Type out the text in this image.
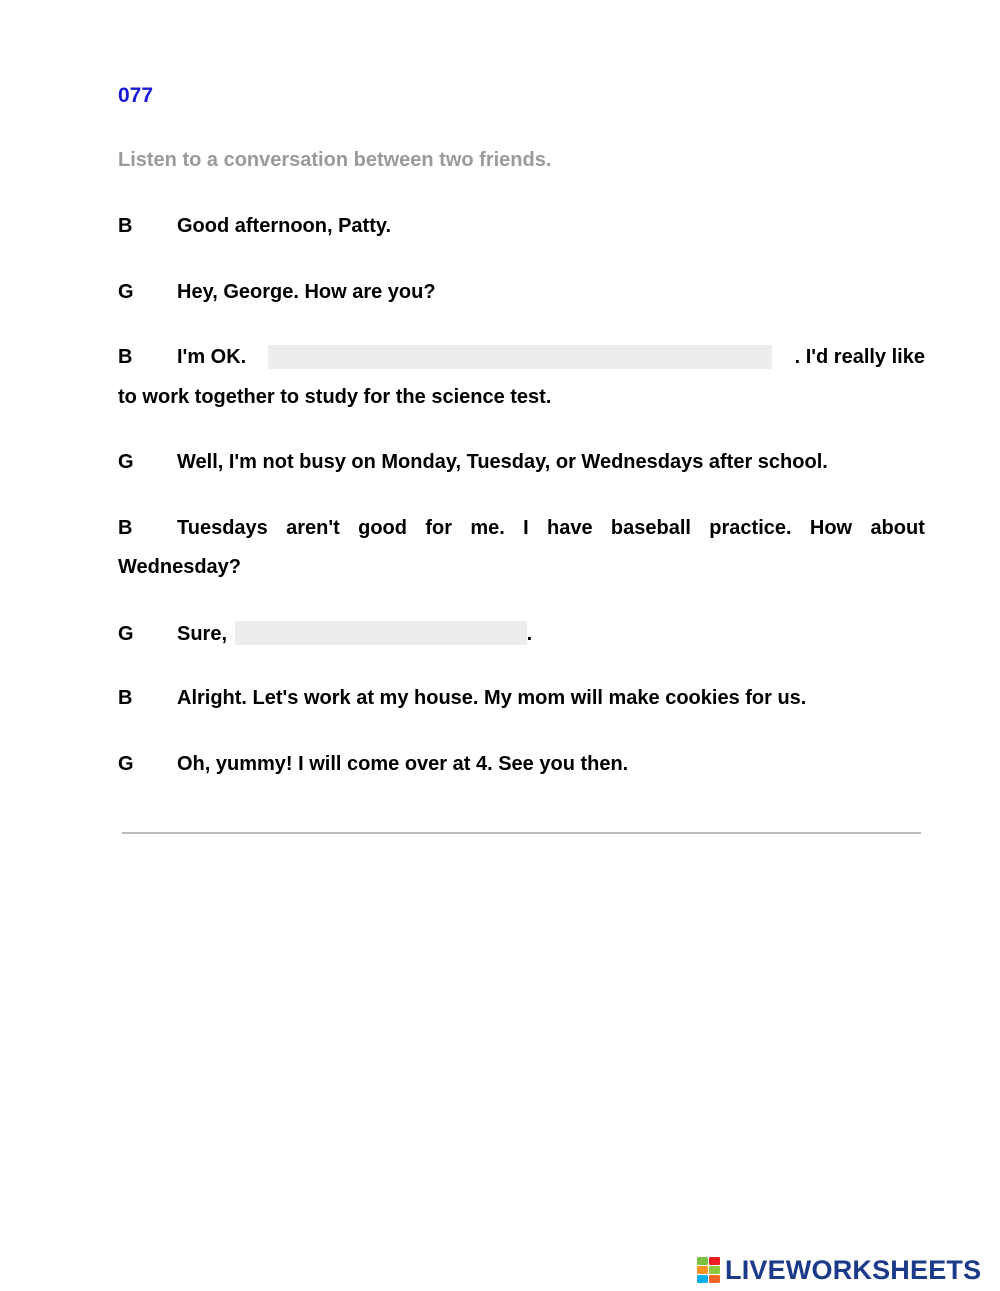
077
Listen to a conversation between two friends.
B Good afternoon, Patty.
G Hey, George. How are you?
B I'm OK.	. I'd really like
to work together to study for the science test.
G Well, I'm not busy on Monday, Tuesday, or Wednesdays after school.
B Tuesdays aren't good for me. I have baseball practice. How about
Wednesday?
G Sure,	.
B Alright. Let's work at my house. My mom will make cookies for us.
G Oh, yummy! I will come over at 4. See you then.
LIVEWORKSHEETS
